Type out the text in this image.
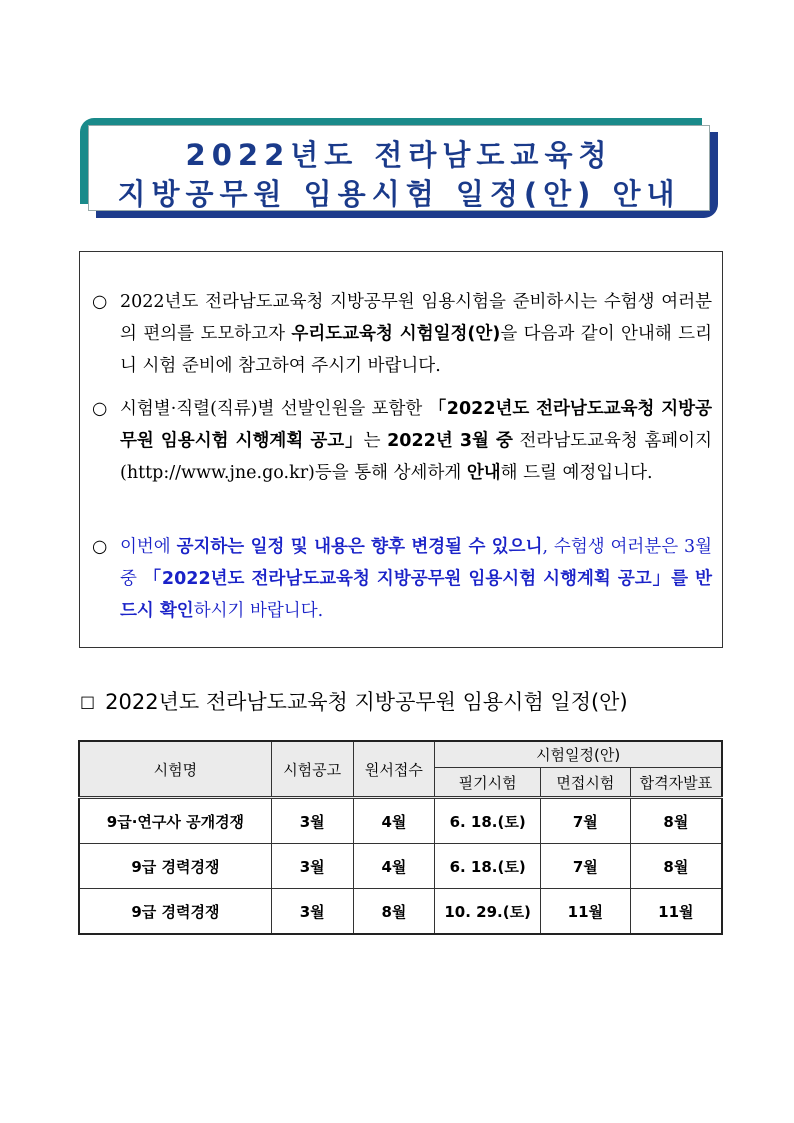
2022년도 전라남도교육청
지방공무원 임용시험 일정(안) 안내
○ 2022년도 전라남도교육청 지방공무원 임용시험을 준비하시는 수험생 여러분의 편의를 도모하고자 우리도교육청 시험일정(안)을 다음과 같이 안내해 드리니 시험 준비에 참고하여 주시기 바랍니다.
○ 시험별·직렬(직류)별 선발인원을 포함한 「2022년도 전라남도교육청 지방공무원 임용시험 시행계획 공고」는 2022년 3월 중 전라남도교육청 홈페이지(http://www.jne.go.kr)등을 통해 상세하게 안내해 드릴 예정입니다.
○ 이번에 공지하는 일정 및 내용은 향후 변경될 수 있으니, 수험생 여러분은 3월 중 「2022년도 전라남도교육청 지방공무원 임용시험 시행계획 공고」를 반드시 확인하시기 바랍니다.
□ 2022년도 전라남도교육청 지방공무원 임용시험 일정(안)
시험명	시험공고	원서접수	시험일정(안)		
			필기시험	면접시험	합격자발표
9급·연구사 공개경쟁	3월	4월	6. 18.(토)	7월	8월
9급 경력경쟁	3월	4월	6. 18.(토)	7월	8월
9급 경력경쟁	3월	8월	10. 29.(토)	11월	11월
